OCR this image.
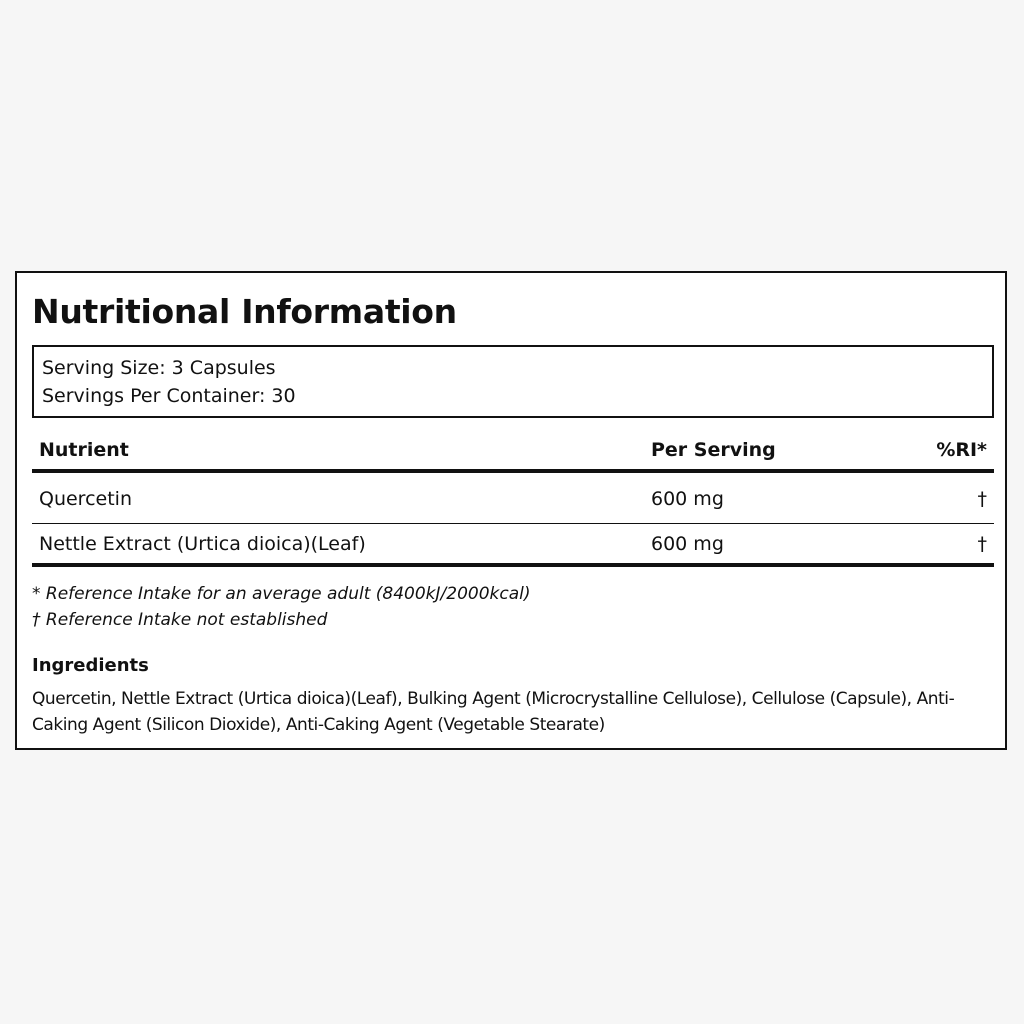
Nutritional Information
Serving Size: 3 Capsules
Servings Per Container: 30
Nutrient	Per Serving	%RI*
Quercetin	600 mg	†
Nettle Extract (Urtica dioica)(Leaf)	600 mg	†
* Reference Intake for an average adult (8400kJ/2000kcal)
† Reference Intake not established
Ingredients
Quercetin, Nettle Extract (Urtica dioica)(Leaf), Bulking Agent (Microcrystalline Cellulose), Cellulose (Capsule), Anti-Caking Agent (Silicon Dioxide), Anti-Caking Agent (Vegetable Stearate)
